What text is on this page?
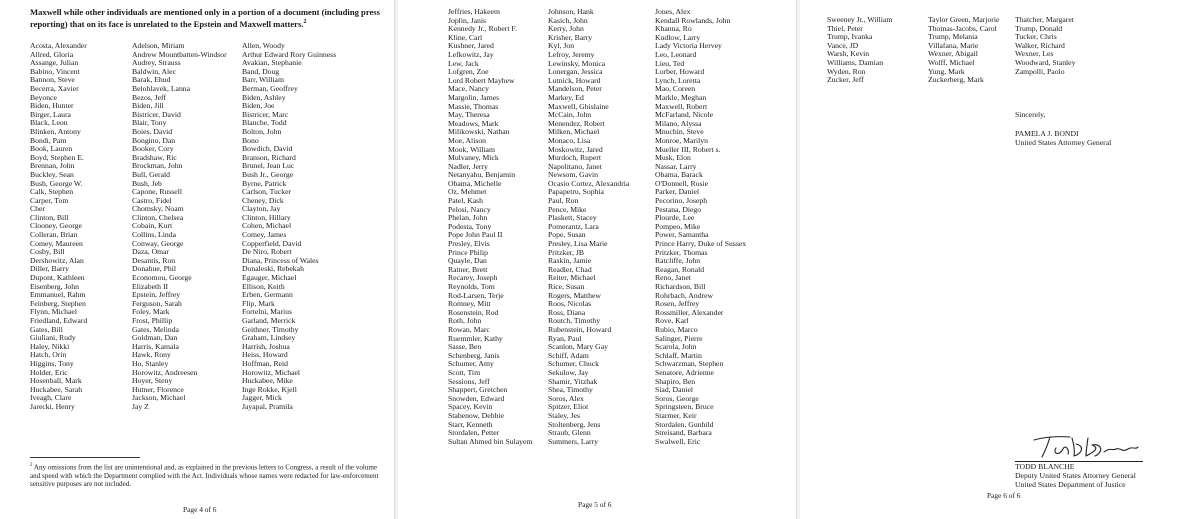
Maxwell while other individuals are mentioned only in a portion of a document (including press reporting) that on its face is unrelated to the Epstein and Maxwell matters.$^2$
Acosta, Alexander
Allred, Gloria
Assange, Julian
Babino, Vincent
Bannon, Steve
Becerra, Xavier
Beyonce
Biden, Hunter
Birger, Laura
Black, Leon
Blinken, Antony
Bondi, Pam
Book, Lauren
Boyd, Stephen E.
Brennan, John
Buckley, Sean
Bush, George W.
Calk, Stephen
Carper, Tom
Cher
Clinton, Bill
Clooney, George
Colleran, Brian
Comey, Maureen
Cosby, Bill
Dershowitz, Alan
Diller, Barry
Dupont, Kathleen
Eisenberg, John
Emmanuel, Rahm
Feinberg, Stephen
Flynn, Michael
Friedland, Edward
Gates, Bill
Giuliani, Rudy
Haley, Nikki
Hatch, Orin
Higgins, Tony
Holder, Eric
Hosenball, Mark
Huckabee, Sarah
Iveagh, Clare
Jarecki, Henry
Adelson, Miriam
Andrew Mountbatten-Windsor
Audrey, Strauss
Baldwin, Alec
Barak, Ehud
Belohlavek, Lanna
Bezos, Jeff
Biden, Jill
Bistricer, David
Blair, Tony
Boies, David
Bongino, Dan
Booker, Cory
Bradshaw, Ric
Brockman, John
Bull, Gerald
Bush, Jeb
Capone, Russell
Castro, Fidel
Chomsky, Noam
Clinton, Chelsea
Cobain, Kurt
Collins, Linda
Conway, George
Daza, Omar
Desantis, Ron
Donahue, Phil
Economou, George
Elizabeth II
Epstein, Jeffrey
Ferguson, Sarah
Foley, Mark
Frost, Phillip
Gates, Melinda
Goldman, Dan
Harris, Kamala
Hawk, Rony
Ho, Stanley
Horowitz, Andreesen
Hoyer, Steny
Hutner, Florence
Jackson, Michael
Jay Z
Allen, Woody
Arthur Edward Rory Guinness
Avakian, Stephanie
Band, Doug
Barr, William
Berman, Geoffrey
Biden, Ashley
Biden, Joe
Bistricer, Marc
Blanche, Todd
Bolton, John
Bono
Bowdich, David
Branson, Richard
Brunel, Jean Luc
Bush Jr., George
Byrne, Patrick
Carlson, Tucker
Cheney, Dick
Clayton, Jay
Clinton, Hillary
Cohen, Michael
Comey, James
Copperfield, David
De Niro, Robert
Diana, Princess of Wales
Donaleski, Rebekah
Egauger, Michael
Ellison, Keith
Erben, Germann
Flip, Mark
Fortelni, Marius
Garland, Merrick
Geithner, Timothy
Graham, Lindsey
Harrish, Joshua
Heiss, Howard
Hoffman, Reid
Horowitz, Michael
Huckabee, Mike
Inge Rokke, Kjell
Jagger, Mick
Jayapal, Pramila
$^2$ Any omissions from the list are unintentional and, as explained in the previous letters to Congress, a result of the volume and speed with which the Department complied with the Act. Individuals whose names were redacted for law-enforcement sensitive purposes are not included.
Page 4 of 6
Jeffries, Hakeem
Joplin, Janis
Kennedy Jr., Robert F.
Kline, Carl
Kushner, Jared
Lefkowitz, Jay
Lew, Jack
Lofgren, Zoe
Lord Robert Mayhew
Mace, Nancy
Margolin, James
Massie, Thomas
May, Theresa
Meadows, Mark
Milikowski, Nathan
Moe, Alison
Mook, William
Mulvaney, Mick
Nadler, Jerry
Netanyahu, Benjamin
Obama, Michelle
Oz, Mehmet
Patel, Kash
Pelosi, Nancy
Phelan, John
Podesta, Tony
Pope John Paul II
Presley, Elvis
Prince Philip
Quayle, Dan
Ratner, Brett
Recarey, Joseph
Reynolds, Tom
Rod-Larsen, Terje
Romney, Mitt
Rosenstein, Rod
Roth, John
Rowan, Marc
Ruemmler, Kathy
Sasse, Ben
Schenberg, Janis
Schumer, Amy
Scott, Tim
Sessions, Jeff
Shappert, Gretchen
Snowden, Edward
Spacey, Kevin
Stabenow, Debbie
Starr, Kenneth
Stordalen, Petter
Sultan Ahmed bin Sulayem
Johnson, Hank
Kasich, John
Kerry, John
Krisher, Barry
Kyl, Jon
Lefroy, Jeremy
Lewinsky, Monica
Lonergan, Jessica
Lutnick, Howard
Mandelson, Peter
Markey, Ed
Maxwell, Ghislaine
McCain, John
Menendez, Robert
Milken, Michael
Monaco, Lisa
Moskowitz, Jared
Murdoch, Rupert
Napolitano, Janet
Newsom, Gavin
Ocasio Cortez, Alexandria
Papapetru, Sophia
Paul, Ron
Pence, Mike
Plaskett, Stacey
Pomerantz, Lara
Pope, Susan
Presley, Lisa Marie
Pritzker, JB
Raskin, Jamie
Readler, Chad
Reiter, Michael
Rice, Susan
Rogers, Matthew
Roos, Nicolas
Ross, Diana
Routch, Timothy
Rubenstein, Howard
Ryan, Paul
Scanlon, Mary Gay
Schiff, Adam
Schumer, Chuck
Sekulow, Jay
Shamir, Yitzhak
Shea, Timothy
Soros, Alex
Spitzer, Eliot
Staley, Jes
Stoltenberg, Jens
Straub, Glenn
Summers, Larry
Jones, Alex
Kendall Rowlands, John
Khanna, Ro
Kudlow, Larry
Lady Victoria Hervey
Leo, Leonard
Lieu, Ted
Lorber, Howard
Lynch, Loretta
Mao, Coreen
Markle, Meghan
Maxwell, Robert
McFarland, Nicole
Milano, Alyssa
Mnuchin, Steve
Monroe, Marilyn
Mueller III, Robert s.
Musk, Elon
Nassar, Larry
Obama, Barack
O'Donnell, Rosie
Parker, Daniel
Pecorino, Joseph
Pestana, Diego
Plourde, Lee
Pompeo, Mike
Power, Samantha
Prince Harry, Duke of Sussex
Pritzker, Thomas
Ratcliffe, John
Reagan, Ronald
Reno, Janet
Richardson, Bill
Rohrbach, Andrew
Rosen, Jeffrey
Rossmiller, Alexander
Rove, Karl
Rubio, Marco
Salinger, Pierre
Scarola, John
Schlaff, Martin
Schwarzman, Stephen
Senatore, Adrienne
Shapiro, Ben
Siad, Daniel
Soros, George
Springsteen, Bruce
Starmer, Keir
Stordalen, Gunhild
Streisand, Barbara
Swalwell, Eric
Page 5 of 6
Sweeney Jr., William
Thiel, Peter
Trump, Ivanka
Vance, JD
Warsh, Kevin
Williams, Damian
Wyden, Ron
Zucker, Jeff
Taylor Green, Marjorie
Thomas-Jacobs, Carol
Trump, Melania
Villafana, Marie
Wexner, Abigail
Wolff, Michael
Yung, Mark
Zuckerberg, Mark
Thatcher, Margaret
Trump, Donald
Tucker, Chris
Walker, Richard
Wexner, Les
Woodward, Stanley
Zampolli, Paolo
Sincerely,
PAMELA J. BONDI
United States Attorney General
TODD BLANCHE
Deputy United States Attorney General
United States Department of Justice
Page 6 of 6
